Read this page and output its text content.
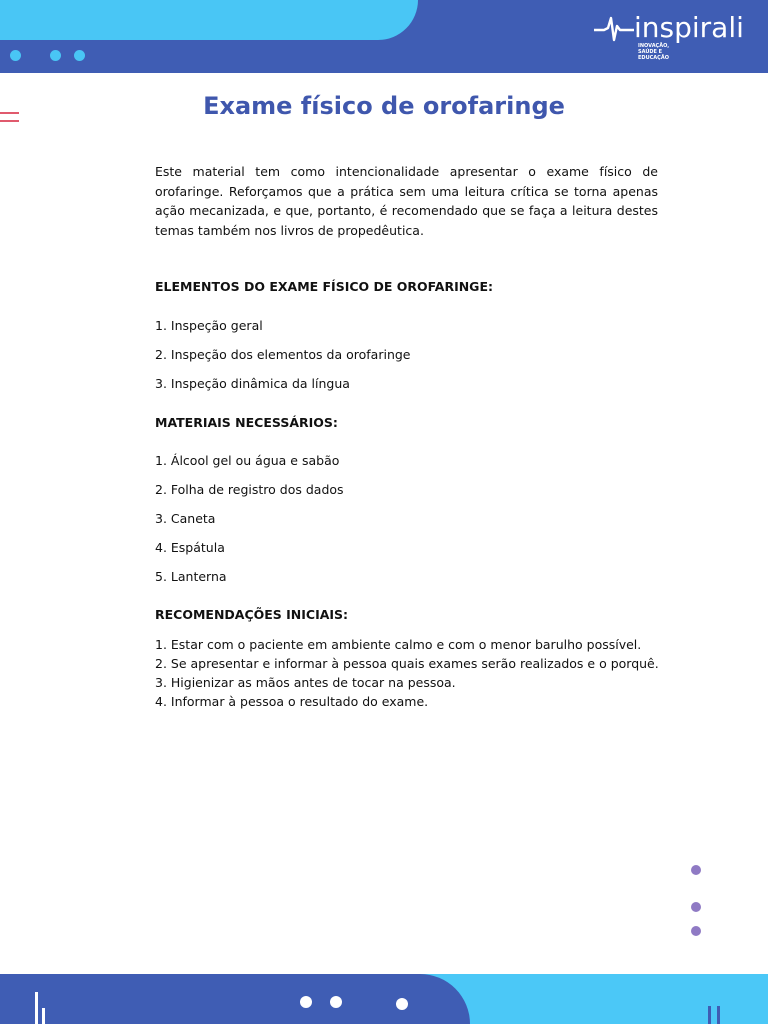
inspirali
INOVAÇÃO,
SAÚDE E
EDUCAÇÃO
Exame físico de orofaringe

Este material tem como intencionalidade apresentar o exame físico de orofaringe. Reforçamos que a prática sem uma leitura crítica se torna apenas ação mecanizada, e que, portanto, é recomendado que se faça a leitura destes temas também nos livros de propedêutica.

ELEMENTOS DO EXAME FÍSICO DE OROFARINGE:

1. Inspeção geral

2. Inspeção dos elementos da orofaringe

3. Inspeção dinâmica da língua

MATERIAIS NECESSÁRIOS:

1. Álcool gel ou água e sabão

2. Folha de registro dos dados

3. Caneta

4. Espátula

5. Lanterna

RECOMENDAÇÕES INICIAIS:

1. Estar com o paciente em ambiente calmo e com o menor barulho possível.

2. Se apresentar e informar à pessoa quais exames serão realizados e o porquê.

3. Higienizar as mãos antes de tocar na pessoa.

4. Informar à pessoa o resultado do exame.
